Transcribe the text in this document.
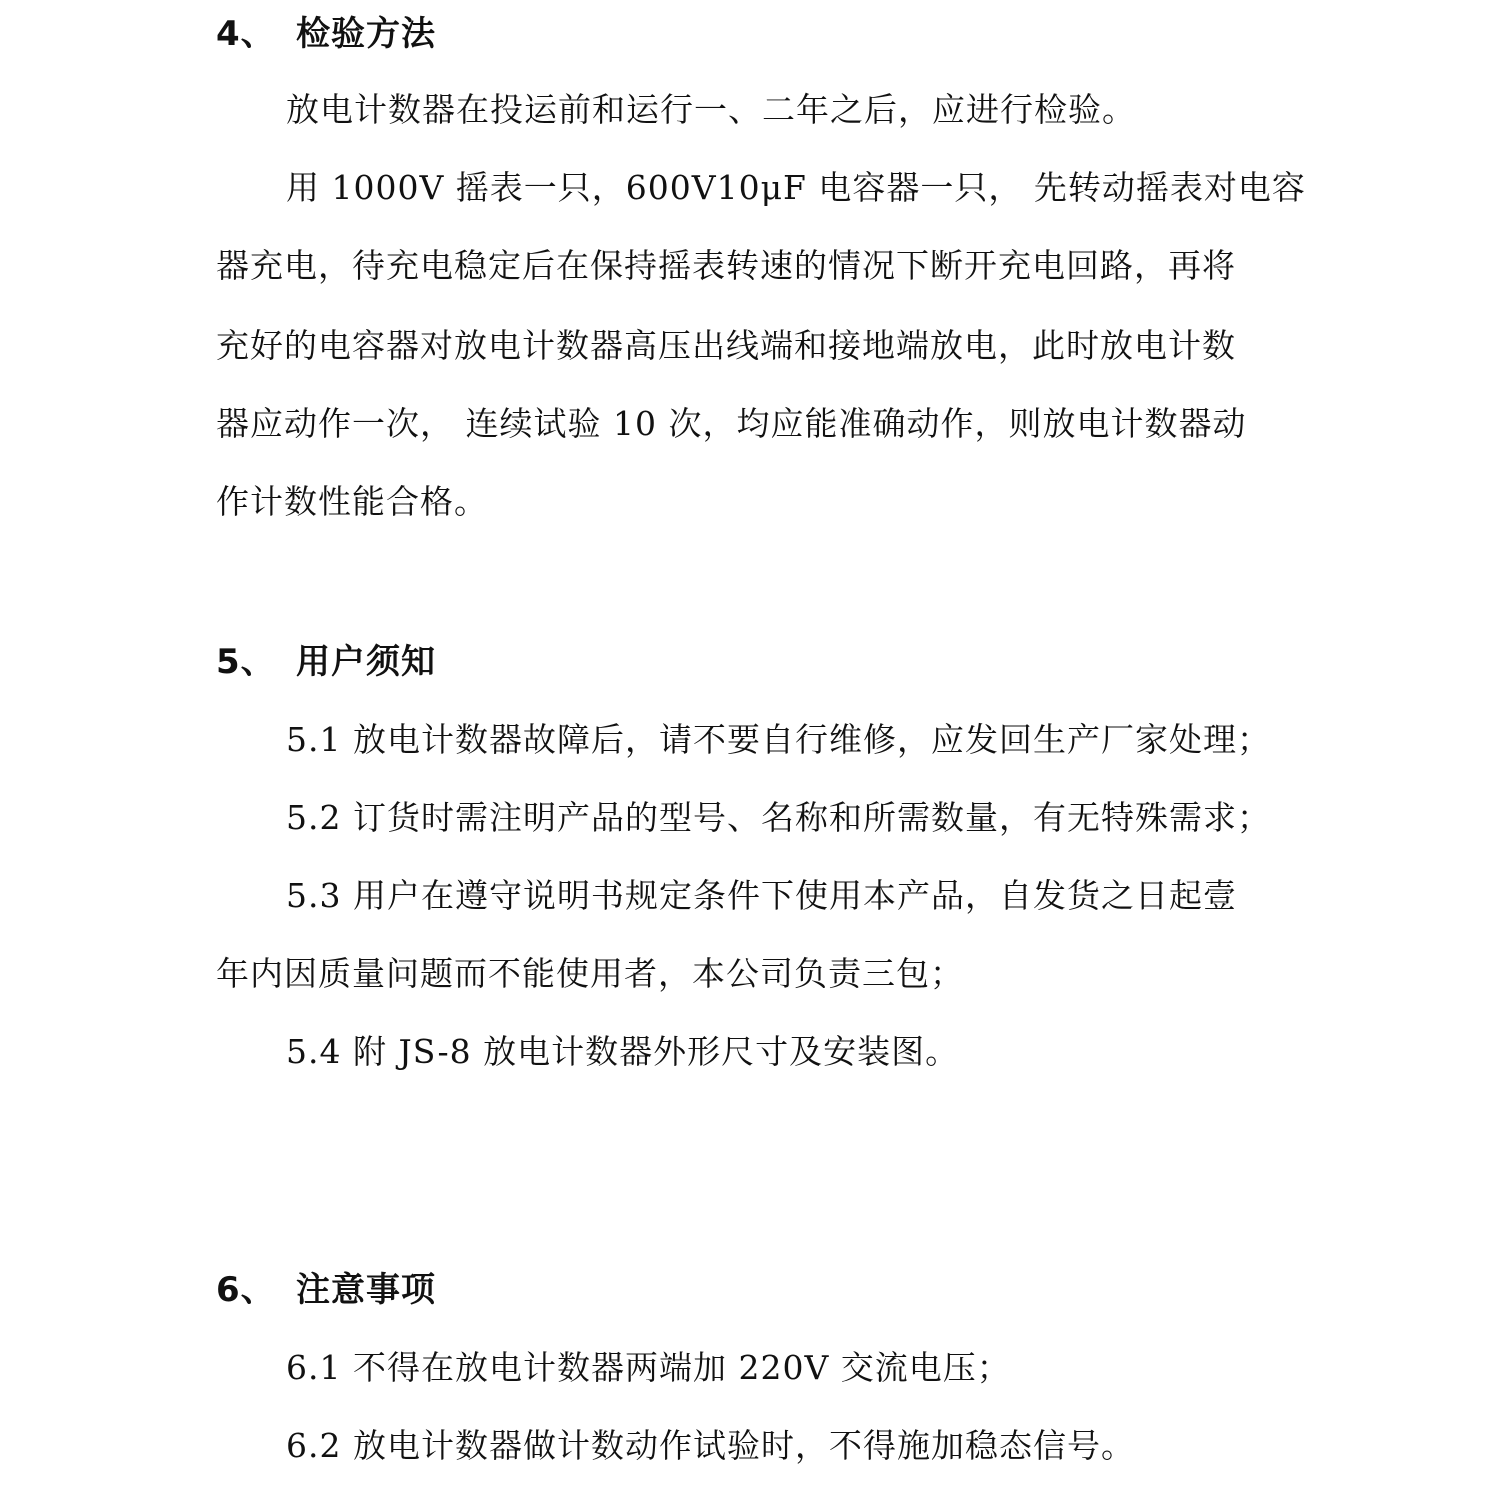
4、 检验方法
放电计数器在投运前和运行一、二年之后，应进行检验。
用 1000V 摇表一只，600V10μF 电容器一只， 先转动摇表对电容
器充电，待充电稳定后在保持摇表转速的情况下断开充电回路，再将
充好的电容器对放电计数器高压出线端和接地端放电，此时放电计数
器应动作一次， 连续试验 10 次，均应能准确动作，则放电计数器动
作计数性能合格。
5、 用户须知
5.1 放电计数器故障后，请不要自行维修，应发回生产厂家处理；
5.2 订货时需注明产品的型号、名称和所需数量，有无特殊需求；
5.3 用户在遵守说明书规定条件下使用本产品，自发货之日起壹
年内因质量问题而不能使用者，本公司负责三包；
5.4 附 JS-8 放电计数器外形尺寸及安装图。
6、 注意事项
6.1 不得在放电计数器两端加 220V 交流电压；
6.2 放电计数器做计数动作试验时，不得施加稳态信号。
